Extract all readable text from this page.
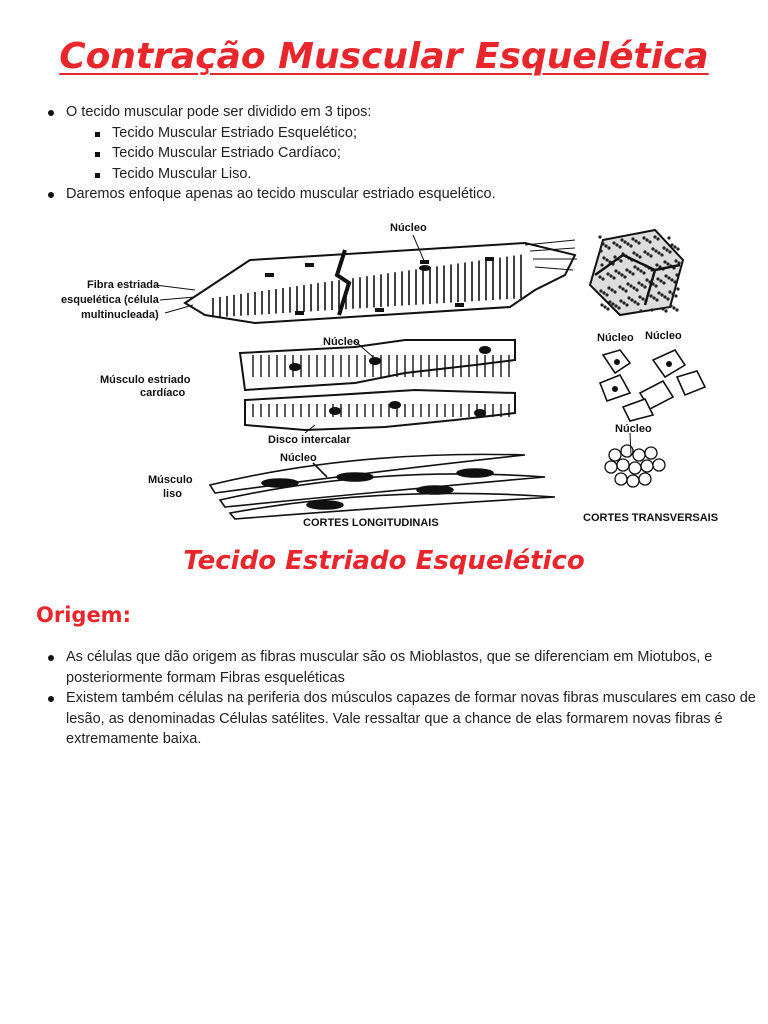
Contração Muscular Esquelética
O tecido muscular pode ser dividido em 3 tipos:
Tecido Muscular Estriado Esquelético;
Tecido Muscular Estriado Cardíaco;
Tecido Muscular Liso.
Daremos enfoque apenas ao tecido muscular estriado esquelético.
Núcleo
Fibra estriada
esquelética (célula
multinucleada)
Núcleo
Músculo estriado
cardíaco
Disco intercalar
Núcleo
Músculo
liso
CORTES LONGITUDINAIS
Núcleo Núcleo
Núcleo
CORTES TRANSVERSAIS
Tecido Estriado Esquelético
Origem:
As células que dão origem as fibras muscular são os Mioblastos, que se diferenciam em Miotubos, e posteriormente formam Fibras esqueléticas
Existem também células na periferia dos músculos capazes de formar novas fibras musculares em caso de lesão, as denominadas Células satélites. Vale ressaltar que a chance de elas formarem novas fibras é extremamente baixa.
